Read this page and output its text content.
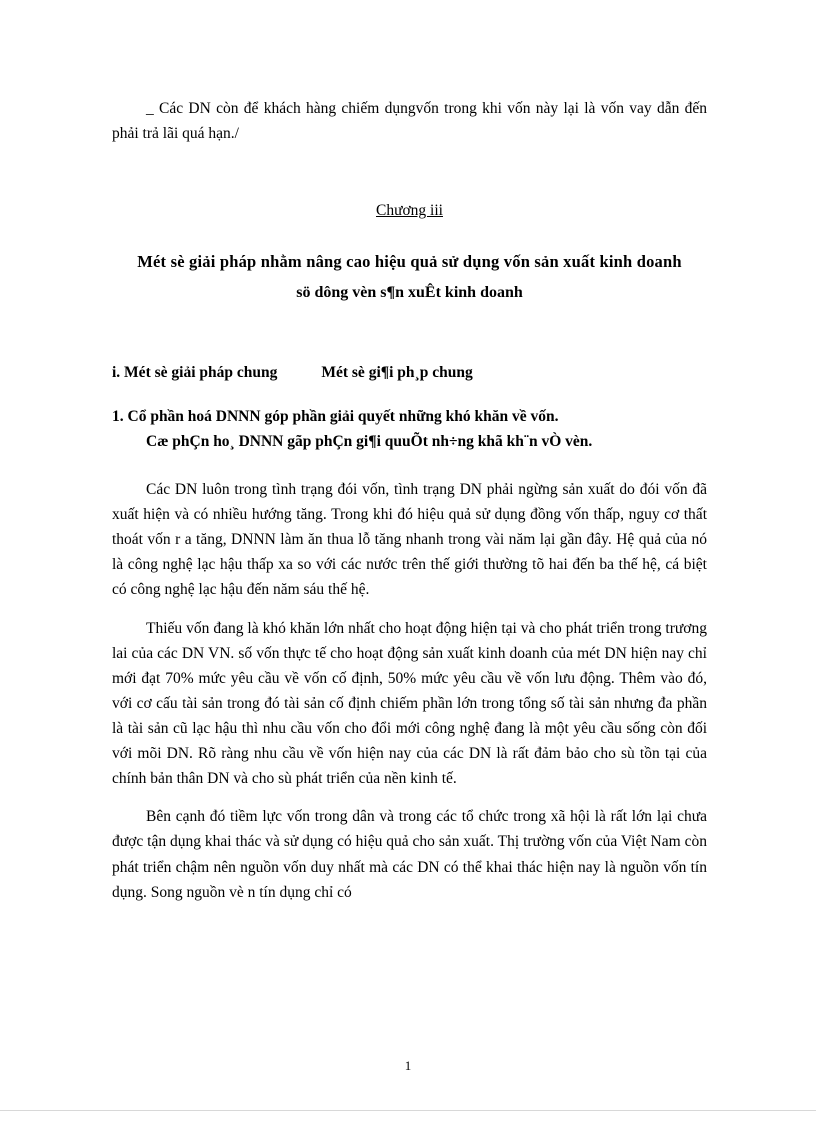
_ Các DN còn để khách hàng chiếm dụngvốn trong khi vốn này lại là vốn vay dẫn đến phải trả lãi quá hạn./

Chương iii
Mét sè giải pháp nhằm nâng cao hiệu quả sử dụng vốn sản xuất kinh doanh
sö dông vèn s¶n xuÊt kinh doanh
i. Mét sè giải pháp chung	Mét sè gi¶i ph¸p chung
1. Cổ phần hoá DNNN góp phần giải quyết những khó khăn về vốn.
Cæ phÇn ho¸ DNNN gãp phÇn gi¶i quuÕt nh÷ng khã kh¨n vÒ vèn.

Các DN luôn trong tình trạng đói vốn, tình trạng DN phải ngừng sản xuất do đói vốn đã xuất hiện và có nhiều hướng tăng. Trong khi đó hiệu quả sử dụng đồng vốn thấp, nguy cơ thất thoát vốn r a tăng, DNNN làm ăn thua lỗ tăng nhanh trong vài năm lại gần đây. Hệ quả của nó là công nghệ lạc hậu thấp xa so với các nước trên thế giới thường tõ hai đến ba thế hệ, cá biệt có công nghệ lạc hậu đến năm sáu thế hệ.

Thiếu vốn đang là khó khăn lớn nhất cho hoạt động hiện tại và cho phát triển trong trương lai của các DN VN. số vốn thực tế cho hoạt động sản xuất kinh doanh của mét DN hiện nay chỉ mới đạt 70% mức yêu cầu về vốn cố định, 50% mức yêu cầu về vốn lưu động. Thêm vào đó, với cơ cấu tài sản trong đó tài sản cố định chiếm phần lớn trong tổng số tài sản nhưng đa phần là tài sản cũ lạc hậu thì nhu cầu vốn cho đổi mới công nghệ đang là một yêu cầu sống còn đối với mõi DN. Rõ ràng nhu cầu về vốn hiện nay của các DN là rất đảm bảo cho sù tồn tại của chính bản thân DN và cho sù phát triển của nền kinh tế.

Bên cạnh đó tiềm lực vốn trong dân và trong các tổ chức trong xã hội là rất lớn lại chưa được tận dụng khai thác và sử dụng có hiệu quả cho sản xuất. Thị trường vốn của Việt Nam còn phát triển chậm nên nguồn vốn duy nhất mà các DN có thể khai thác hiện nay là nguồn vốn tín dụng. Song nguồn vè n tín dụng chỉ có

1
